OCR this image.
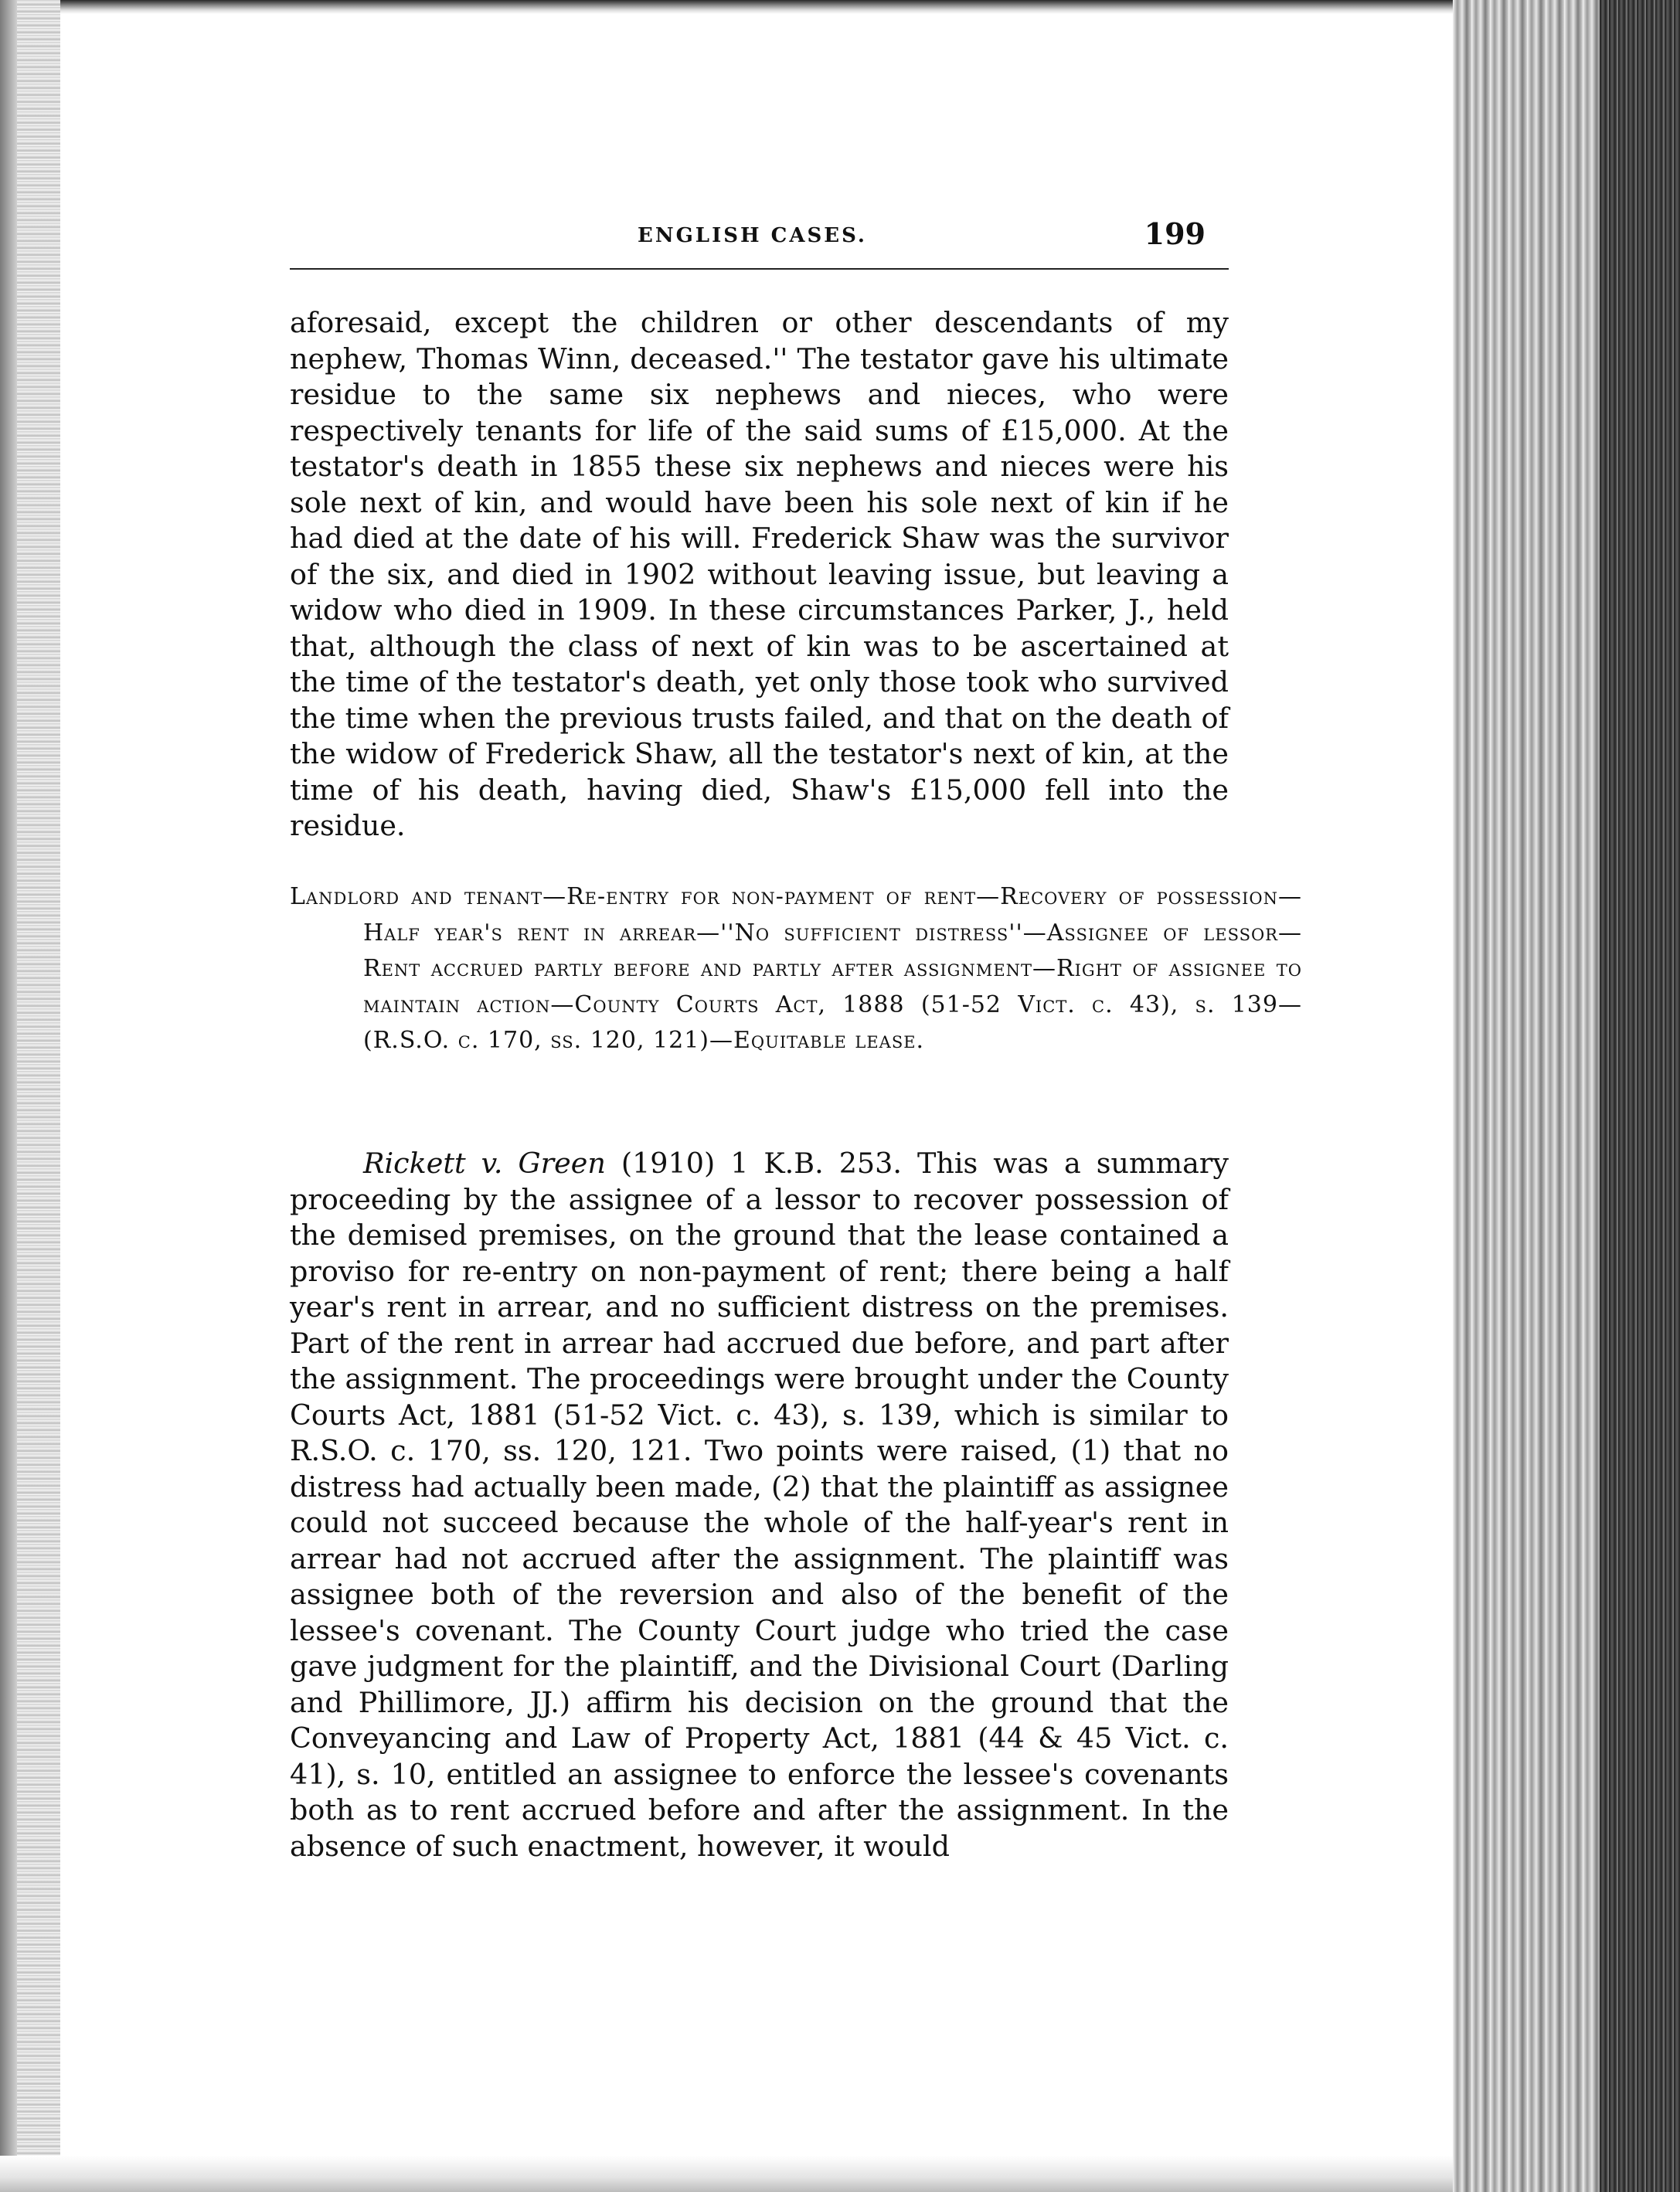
ENGLISH CASES.	199

aforesaid, except the children or other descendants of my nephew, Thomas Winn, deceased.'' The testator gave his ultimate residue to the same six nephews and nieces, who were respectively tenants for life of the said sums of £15,000. At the testator's death in 1855 these six nephews and nieces were his sole next of kin, and would have been his sole next of kin if he had died at the date of his will. Frederick Shaw was the survivor of the six, and died in 1902 without leaving issue, but leaving a widow who died in 1909. In these circumstances Parker, J., held that, although the class of next of kin was to be ascertained at the time of the testator's death, yet only those took who survived the time when the previous trusts failed, and that on the death of the widow of Frederick Shaw, all the testator's next of kin, at the time of his death, having died, Shaw's £15,000 fell into the residue.

Landlord and tenant—Re-entry for non-payment of rent—Recovery of possession—Half year's rent in arrear—''No sufficient distress''—Assignee of lessor—Rent accrued partly before and partly after assignment—Right of assignee to maintain action—County Courts Act, 1888 (51-52 Vict. c. 43), s. 139—(R.S.O. c. 170, ss. 120, 121)—Equitable lease.

Rickett v. Green (1910) 1 K.B. 253. This was a summary proceeding by the assignee of a lessor to recover possession of the demised premises, on the ground that the lease contained a proviso for re-entry on non-payment of rent; there being a half year's rent in arrear, and no sufficient distress on the premises. Part of the rent in arrear had accrued due before, and part after the assignment. The proceedings were brought under the County Courts Act, 1881 (51-52 Vict. c. 43), s. 139, which is similar to R.S.O. c. 170, ss. 120, 121. Two points were raised, (1) that no distress had actually been made, (2) that the plaintiff as assignee could not succeed because the whole of the half-year's rent in arrear had not accrued after the assignment. The plaintiff was assignee both of the reversion and also of the benefit of the lessee's covenant. The County Court judge who tried the case gave judgment for the plaintiff, and the Divisional Court (Darling and Phillimore, JJ.) affirm his decision on the ground that the Conveyancing and Law of Property Act, 1881 (44 & 45 Vict. c. 41), s. 10, entitled an assignee to enforce the lessee's covenants both as to rent accrued before and after the assignment. In the absence of such enactment, however, it would
